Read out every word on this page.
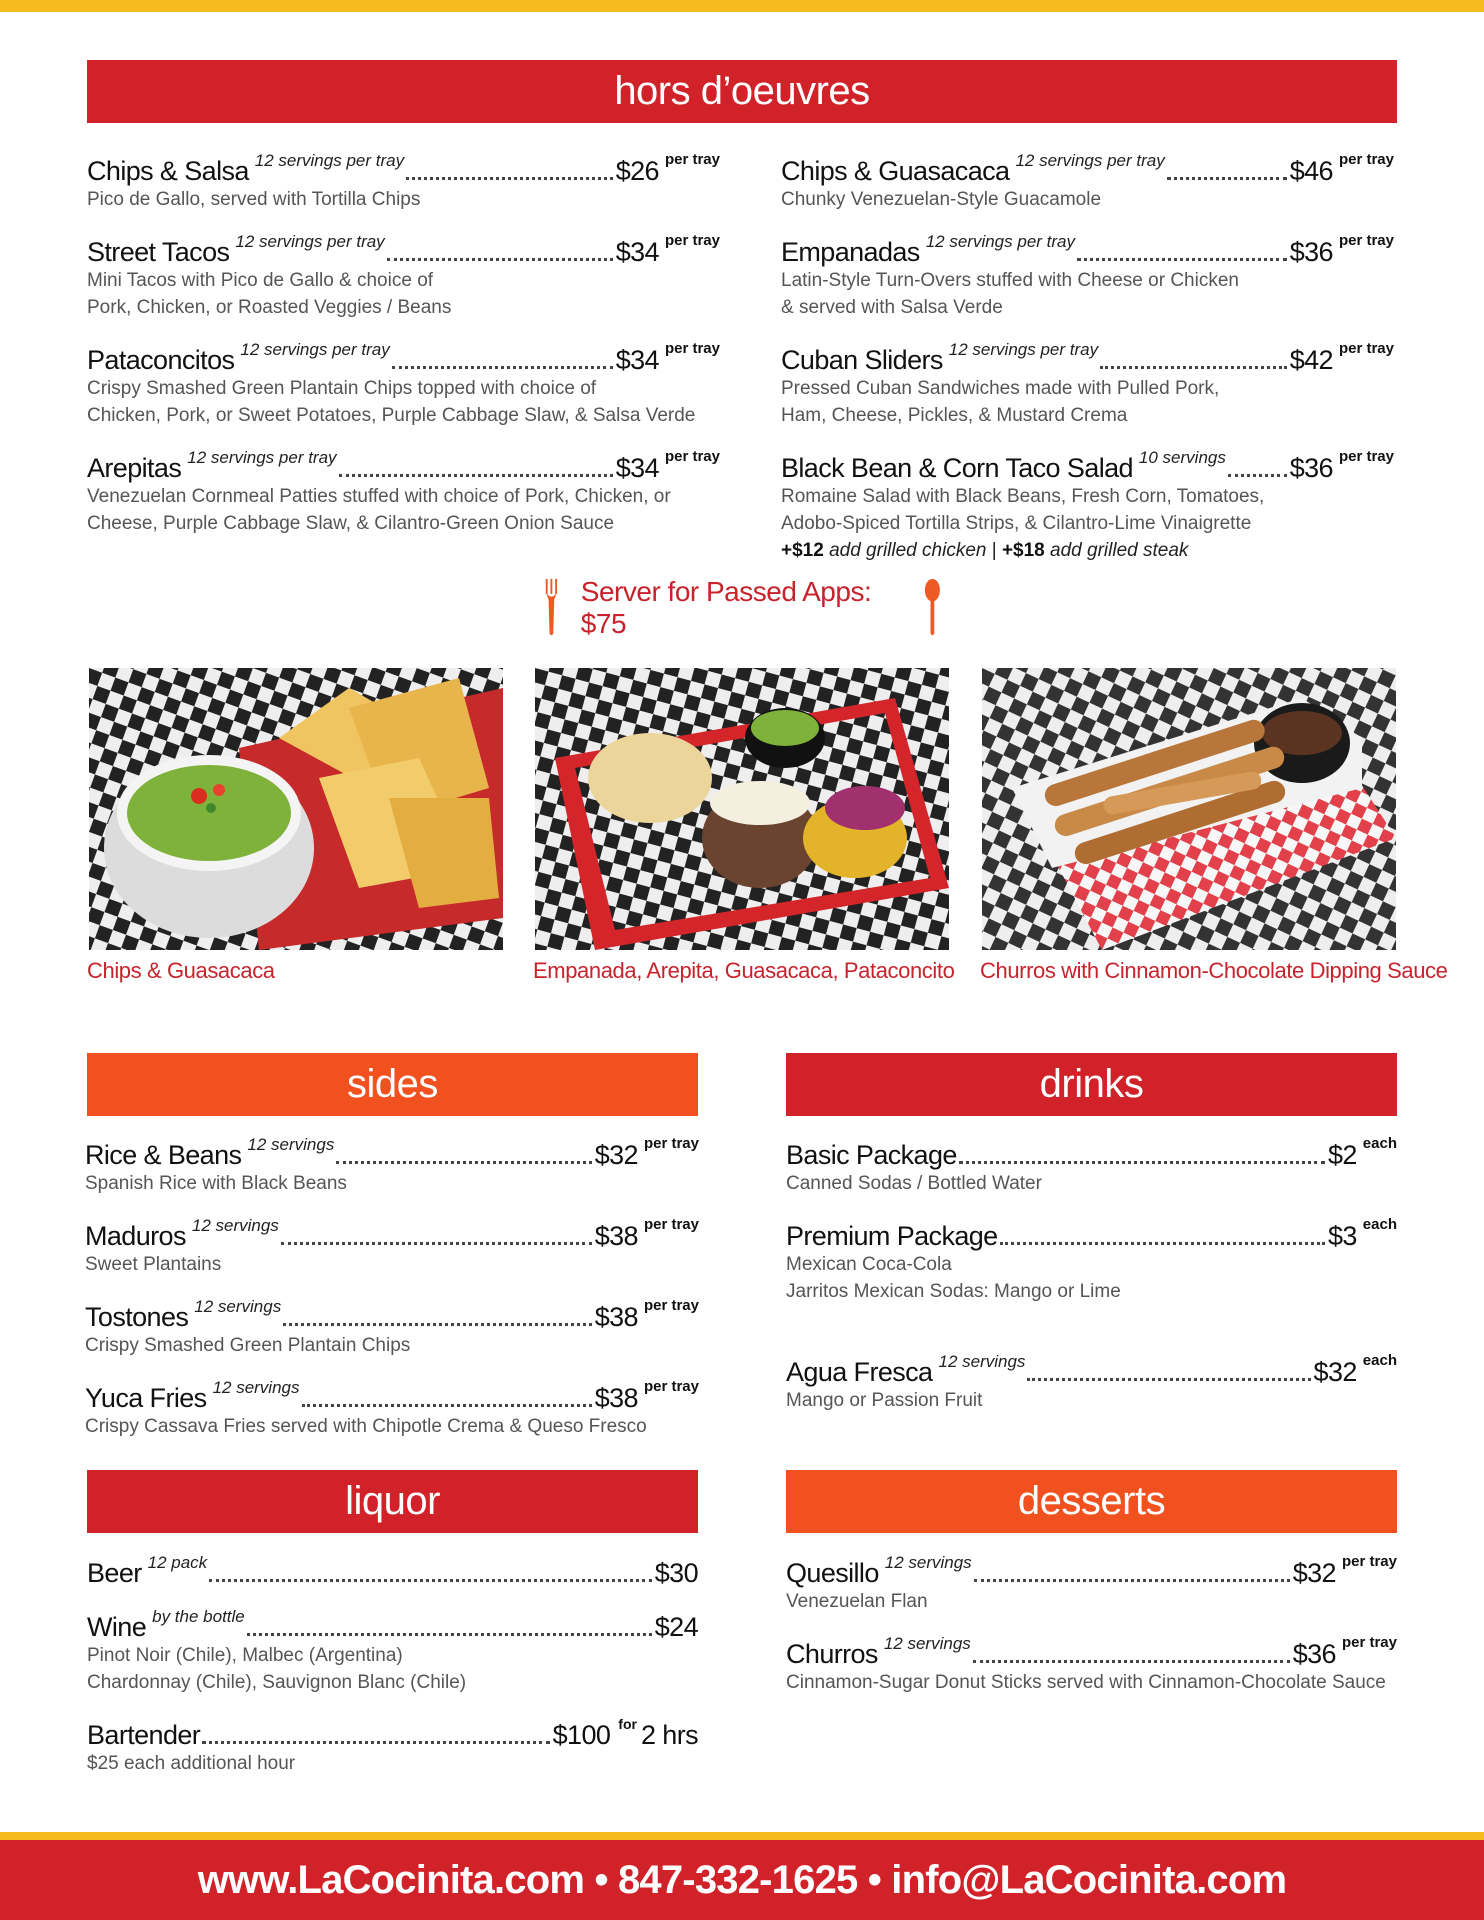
hors d’oeuvres
Chips & Salsa 12 servings per tray	$26 per tray
Pico de Gallo, served with Tortilla Chips
Street Tacos 12 servings per tray	$34 per tray
Mini Tacos with Pico de Gallo & choice of
Pork, Chicken, or Roasted Veggies / Beans
Pataconcitos 12 servings per tray	$34 per tray
Crispy Smashed Green Plantain Chips topped with choice of
Chicken, Pork, or Sweet Potatoes, Purple Cabbage Slaw, & Salsa Verde
Arepitas 12 servings per tray	$34 per tray
Venezuelan Cornmeal Patties stuffed with choice of Pork, Chicken, or
Cheese, Purple Cabbage Slaw, & Cilantro-Green Onion Sauce
Chips & Guasacaca 12 servings per tray	$46 per tray
Chunky Venezuelan-Style Guacamole
Empanadas 12 servings per tray	$36 per tray
Latin-Style Turn-Overs stuffed with Cheese or Chicken
& served with Salsa Verde
Cuban Sliders 12 servings per tray	$42 per tray
Pressed Cuban Sandwiches made with Pulled Pork,
Ham, Cheese, Pickles, & Mustard Crema
Black Bean & Corn Taco Salad 10 servings $36 per tray
Romaine Salad with Black Beans, Fresh Corn, Tomatoes,
Adobo-Spiced Tortilla Strips, & Cilantro-Lime Vinaigrette
+$12 add grilled chicken | +$18 add grilled steak
Server for Passed Apps: $75
Chips & Guasacaca	Empanada, Arepita, Guasacaca, Pataconcito Churros with Cinnamon-Chocolate Dipping Sauce
sides
Rice & Beans 12 servings	$32 per tray
Spanish Rice with Black Beans
Maduros 12 servings	$38 per tray
Sweet Plantains
Tostones 12 servings	$38 per tray
Crispy Smashed Green Plantain Chips
Yuca Fries 12 servings	$38 per tray
Crispy Cassava Fries served with Chipotle Crema & Queso Fresco
drinks
Basic Package	$2 each
Canned Sodas / Bottled Water
Premium Package	$3 each
Mexican Coca-Cola
Jarritos Mexican Sodas: Mango or Lime
Agua Fresca 12 servings	$32 each
Mango or Passion Fruit
liquor
Beer 12 pack	$30
Wine by the bottle	$24
Pinot Noir (Chile), Malbec (Argentina)
Chardonnay (Chile), Sauvignon Blanc (Chile)
Bartender	$100 for 2 hrs
$25 each additional hour
desserts
Quesillo 12 servings	$32 per tray
Venezuelan Flan
Churros 12 servings	$36 per tray
Cinnamon-Sugar Donut Sticks served with Cinnamon-Chocolate Sauce
www.LaCocinita.com • 847-332-1625 • info@LaCocinita.com
